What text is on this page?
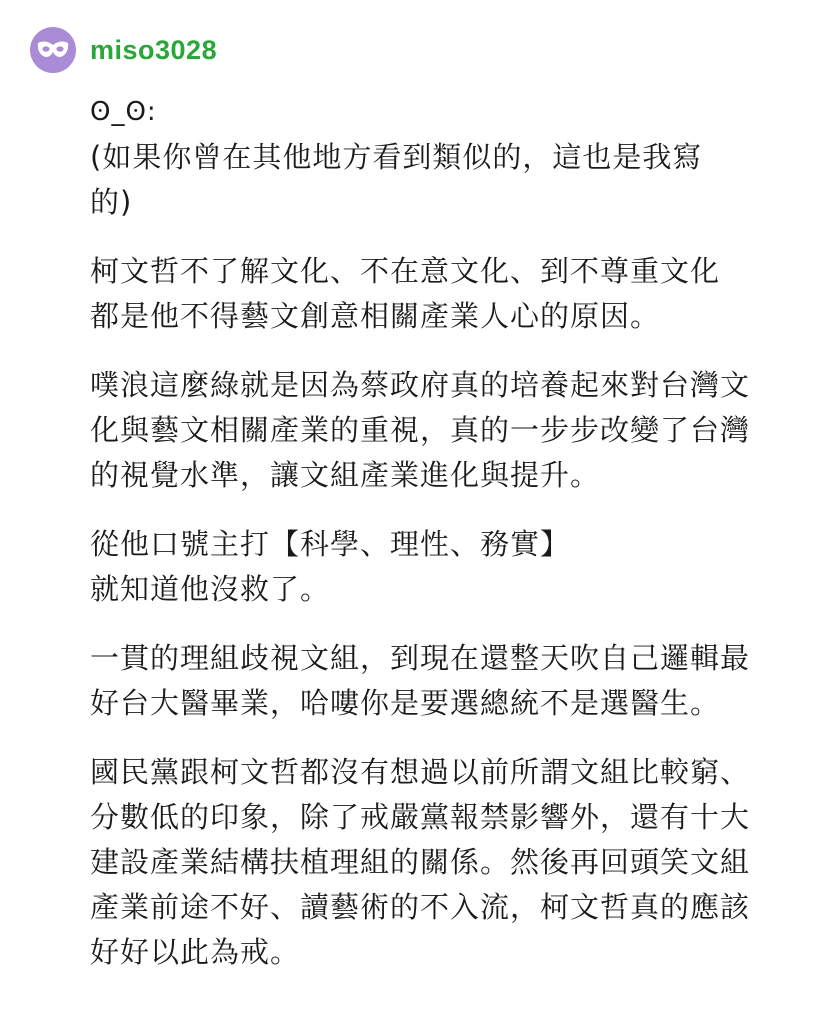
miso3028

ʘ_ʘ:
(如果你曾在其他地方看到類似的，這也是我寫
的)

柯文哲不了解文化、不在意文化、到不尊重文化
都是他不得藝文創意相關產業人心的原因。

噗浪這麼綠就是因為蔡政府真的培養起來對台灣文
化與藝文相關產業的重視，真的一步步改變了台灣
的視覺水準，讓文組產業進化與提升。

從他口號主打【科學、理性、務實】
就知道他沒救了。

一貫的理組歧視文組，到現在還整天吹自己邏輯最
好台大醫畢業，哈嘍你是要選總統不是選醫生。

國民黨跟柯文哲都沒有想過以前所謂文組比較窮、
分數低的印象，除了戒嚴黨報禁影響外，還有十大
建設產業結構扶植理組的關係。然後再回頭笑文組
產業前途不好、讀藝術的不入流，柯文哲真的應該
好好以此為戒。
